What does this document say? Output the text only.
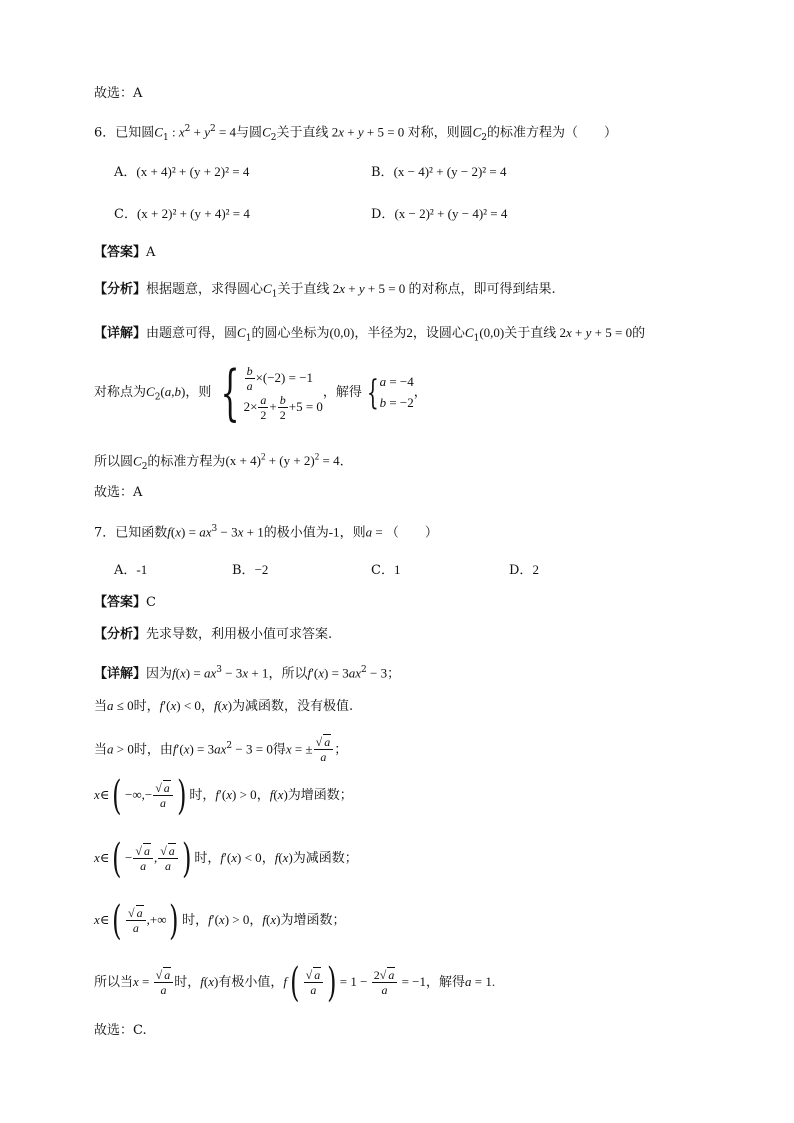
故选：A
6．已知圆$C_1$ : $x^2 + y^2 = 4$与圆$C_2$关于直线 2x + y + 5 = 0 对称，则圆$C_2$的标准方程为（　　）
A．(x + 4)² + (y + 2)² = 4	B．(x − 4)² + (y − 2)² = 4
C．(x + 2)² + (y + 4)² = 4	D．(x − 2)² + (y − 4)² = 4
【答案】A
【分析】根据题意，求得圆心$C_1$关于直线 2x + y + 5 = 0 的对称点，即可得到结果.
【详解】由题意可得，圆$C_1$的圆心坐标为(0,0)，半径为2，设圆心$C_1(0,0)$关于直线 2x + y + 5 = 0的
对称点为$C_2(a,b)$，则 { $\frac{b}{a} \times(-2) = -1$
$2\times \frac{a}{2} + \frac{b}{2} +5 = 0$
，解得 { a = −4
b = −2
，
所以圆$C_2$的标准方程为$(x + 4)^2 + (y + 2)^2 = 4$.
故选：A
7．已知函数$f(x) = ax^3 - 3x + 1$的极小值为-1，则a = （　　）
A．-1	B．−2	C．1	D．2
【答案】C
【分析】先求导数，利用极小值可求答案.
【详解】因为$f(x) = ax^3 - 3x + 1$，所以$f'(x) = 3ax^2 - 3$；
当a ≤ 0时，f′(x) < 0，f(x)为减函数，没有极值.
当a > 0时，由$f'(x) = 3ax^2 - 3 = 0$得x = ± $\frac{√ a}{a}$ ；
x∈( −∞,− $\frac{√ a}{a}$ ) 时，f′(x) > 0，f(x)为增函数；
x∈( − $\frac{√ a}{a}$ , $\frac{√ a}{a}$ ) 时，f′(x) < 0，f(x)为减函数；
x∈( $\frac{√ a}{a}$ ,+∞) 时，f′(x) > 0，f(x)为增函数；
所以当$x = \frac{√ a}{a}$ 时，f(x)有极小值，$f( \frac{√ a}{a}$ ) = $1 - \frac{2√ a}{a} = -1$，解得a = 1.
故选：C.
